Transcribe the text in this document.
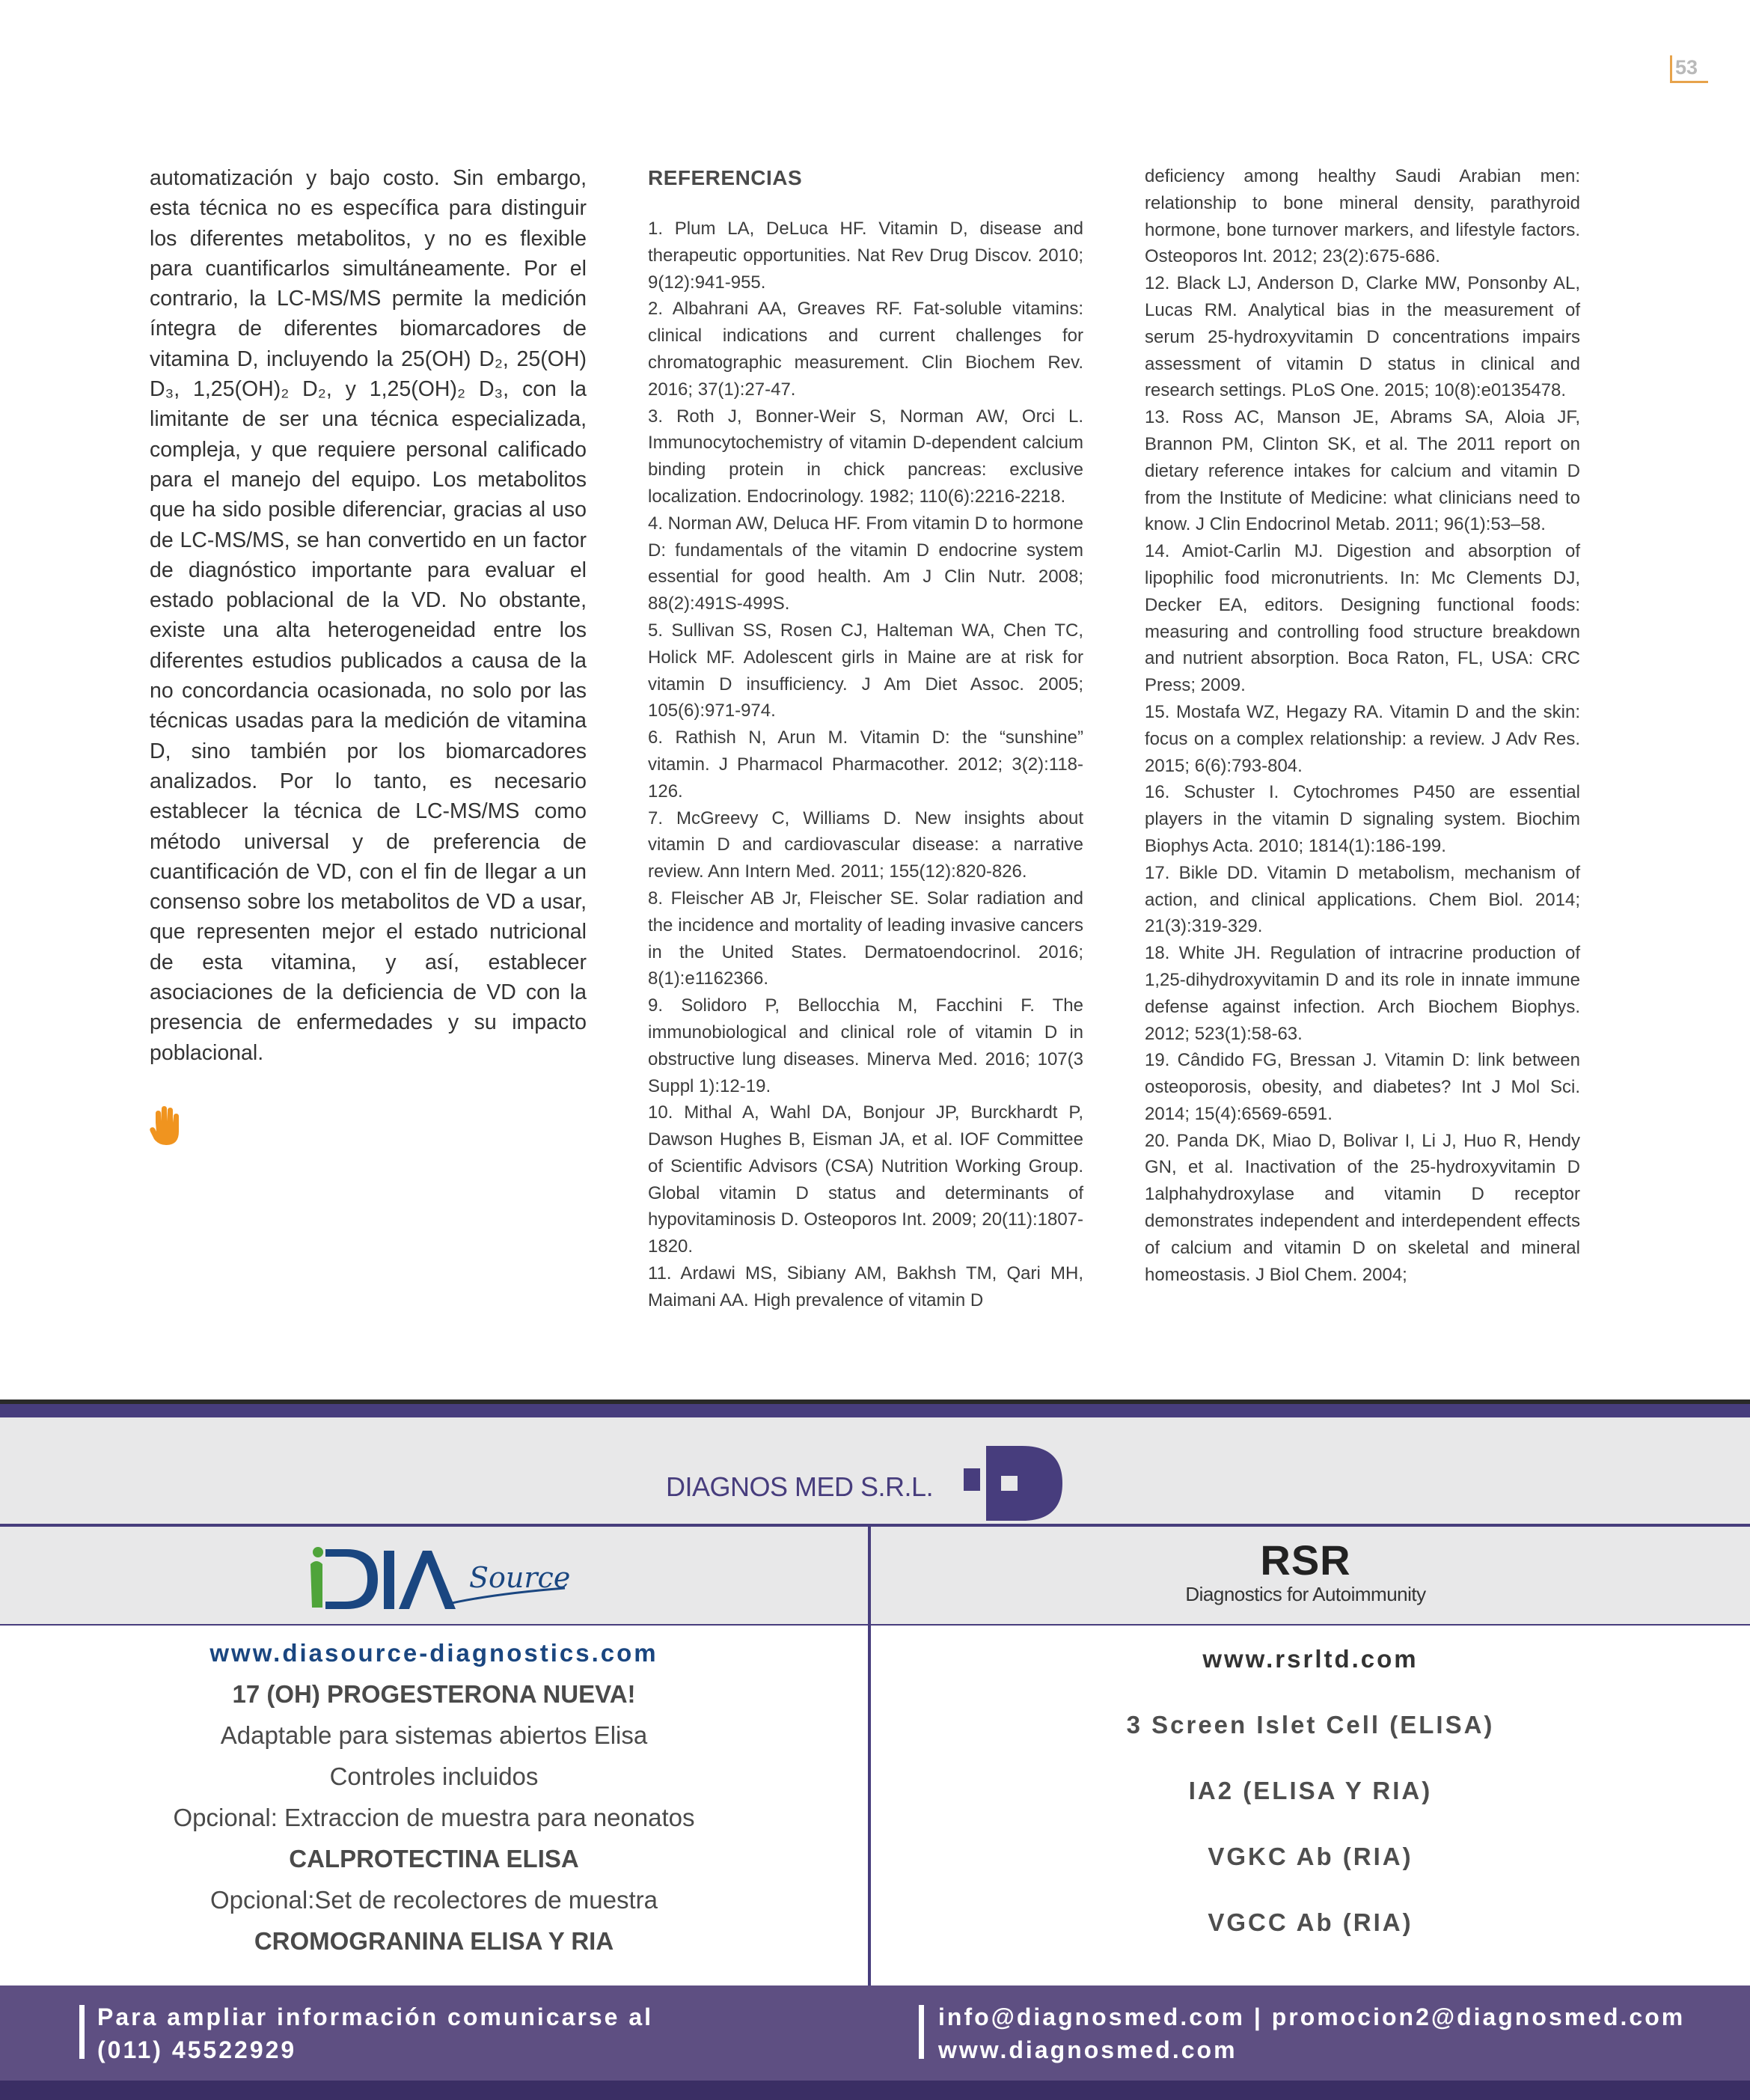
53

automatización y bajo costo. Sin embargo, esta técnica no es específica para distinguir los diferentes metabolitos, y no es flexible para cuantificarlos simultáneamente. Por el contrario, la LC-MS/MS permite la medición íntegra de diferentes biomarcadores de vitamina D, incluyendo la 25(OH) D₂, 25(OH) D₃, 1,25(OH)₂ D₂, y 1,25(OH)₂ D₃, con la limitante de ser una técnica especializada, compleja, y que requiere personal calificado para el manejo del equipo. Los metabolitos que ha sido posible diferenciar, gracias al uso de LC-MS/MS, se han convertido en un factor de diagnóstico importante para evaluar el estado poblacional de la VD. No obstante, existe una alta heterogeneidad entre los diferentes estudios publicados a causa de la no concordancia ocasionada, no solo por las técnicas usadas para la medición de vitamina D, sino también por los biomarcadores analizados. Por lo tanto, es necesario establecer la técnica de LC-MS/MS como método universal y de preferencia de cuantificación de VD, con el fin de llegar a un consenso sobre los metabolitos de VD a usar, que representen mejor el estado nutricional de esta vitamina, y así, establecer asociaciones de la deficiencia de VD con la presencia de enfermedades y su impacto poblacional.

REFERENCIAS

1. Plum LA, DeLuca HF. Vitamin D, disease and therapeutic opportunities. Nat Rev Drug Discov. 2010; 9(12):941-955.

2. Albahrani AA, Greaves RF. Fat-soluble vitamins: clinical indications and current challenges for chromatographic measurement. Clin Biochem Rev. 2016; 37(1):27-47.

3. Roth J, Bonner-Weir S, Norman AW, Orci L. Immunocytochemistry of vitamin D-dependent calcium binding protein in chick pancreas: exclusive localization. Endocrinology. 1982; 110(6):2216-2218.

4. Norman AW, Deluca HF. From vitamin D to hormone D: fundamentals of the vitamin D endocrine system essential for good health. Am J Clin Nutr. 2008; 88(2):491S-499S.

5. Sullivan SS, Rosen CJ, Halteman WA, Chen TC, Holick MF. Adolescent girls in Maine are at risk for vitamin D insufficiency. J Am Diet Assoc. 2005; 105(6):971-974.

6. Rathish N, Arun M. Vitamin D: the “sunshine” vitamin. J Pharmacol Pharmacother. 2012; 3(2):118-126.

7. McGreevy C, Williams D. New insights about vitamin D and cardiovascular disease: a narrative review. Ann Intern Med. 2011; 155(12):820-826.

8. Fleischer AB Jr, Fleischer SE. Solar radiation and the incidence and mortality of leading invasive cancers in the United States. Dermatoendocrinol. 2016; 8(1):e1162366.

9. Solidoro P, Bellocchia M, Facchini F. The immunobiological and clinical role of vitamin D in obstructive lung diseases. Minerva Med. 2016; 107(3 Suppl 1):12-19.

10. Mithal A, Wahl DA, Bonjour JP, Burckhardt P, Dawson Hughes B, Eisman JA, et al. IOF Committee of Scientific Advisors (CSA) Nutrition Working Group. Global vitamin D status and determinants of hypovitaminosis D. Osteoporos Int. 2009; 20(11):1807-1820.

11. Ardawi MS, Sibiany AM, Bakhsh TM, Qari MH, Maimani AA. High prevalence of vitamin D

deficiency among healthy Saudi Arabian men: relationship to bone mineral density, parathyroid hormone, bone turnover markers, and lifestyle factors. Osteoporos Int. 2012; 23(2):675-686.

12. Black LJ, Anderson D, Clarke MW, Ponsonby AL, Lucas RM. Analytical bias in the measurement of serum 25-hydroxyvitamin D concentrations impairs assessment of vitamin D status in clinical and research settings. PLoS One. 2015; 10(8):e0135478.

13. Ross AC, Manson JE, Abrams SA, Aloia JF, Brannon PM, Clinton SK, et al. The 2011 report on dietary reference intakes for calcium and vitamin D from the Institute of Medicine: what clinicians need to know. J Clin Endocrinol Metab. 2011; 96(1):53–58.

14. Amiot-Carlin MJ. Digestion and absorption of lipophilic food micronutrients. In: Mc Clements DJ, Decker EA, editors. Designing functional foods: measuring and controlling food structure breakdown and nutrient absorption. Boca Raton, FL, USA: CRC Press; 2009.

15. Mostafa WZ, Hegazy RA. Vitamin D and the skin: focus on a complex relationship: a review. J Adv Res. 2015; 6(6):793-804.

16. Schuster I. Cytochromes P450 are essential players in the vitamin D signaling system. Biochim Biophys Acta. 2010; 1814(1):186-199.

17. Bikle DD. Vitamin D metabolism, mechanism of action, and clinical applications. Chem Biol. 2014; 21(3):319-329.

18. White JH. Regulation of intracrine production of 1,25-dihydroxyvitamin D and its role in innate immune defense against infection. Arch Biochem Biophys. 2012; 523(1):58-63.

19. Cândido FG, Bressan J. Vitamin D: link between osteoporosis, obesity, and diabetes? Int J Mol Sci. 2014; 15(4):6569-6591.

20. Panda DK, Miao D, Bolivar I, Li J, Huo R, Hendy GN, et al. Inactivation of the 25-hydroxyvitamin D 1alphahydroxylase and vitamin D receptor demonstrates independent and interdependent effects of calcium and vitamin D on skeletal and mineral homeostasis. J Biol Chem. 2004;

DIAGNOS MED S.R.L.
Source	RSR
Diagnostics for Autoimmunity
www.diasource-diagnostics.com
17 (OH) PROGESTERONA NUEVA!
Adaptable para sistemas abiertos Elisa
Controles incluidos
Opcional: Extraccion de muestra para neonatos
CALPROTECTINA ELISA
Opcional:Set de recolectores de muestra
CROMOGRANINA ELISA Y RIA
www.rsrltd.com
3 Screen Islet Cell (ELISA)
IA2 (ELISA Y RIA)
VGKC Ab (RIA)
VGCC Ab (RIA)
Para ampliar información comunicarse al
(011) 45522929
info@diagnosmed.com | promocion2@diagnosmed.com
www.diagnosmed.com
